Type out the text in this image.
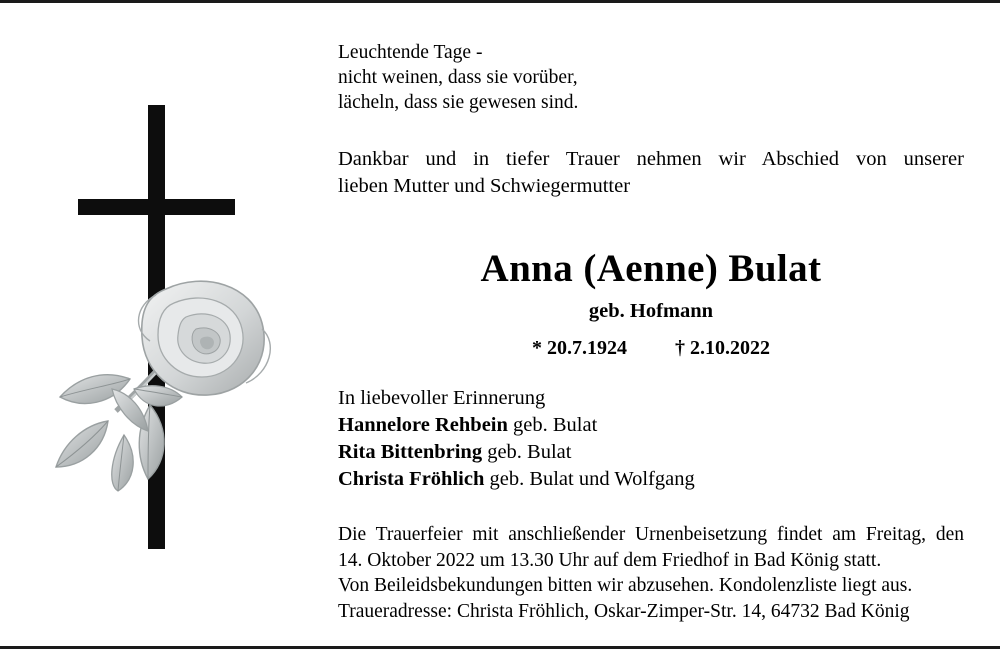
Leuchtende Tage -
nicht weinen, dass sie vorüber,
lächeln, dass sie gewesen sind.
Dankbar und in tiefer Trauer nehmen wir Abschied von unserer
lieben Mutter und Schwiegermutter
Anna (Aenne) Bulat
geb. Hofmann
* 20.7.1924 † 2.10.2022
In liebevoller Erinnerung
Hannelore Rehbein geb. Bulat
Rita Bittenbring geb. Bulat
Christa Fröhlich geb. Bulat und Wolfgang
Die Trauerfeier mit anschließender Urnenbeisetzung findet am Freitag, den
14. Oktober 2022 um 13.30 Uhr auf dem Friedhof in Bad König statt.
Von Beileidsbekundungen bitten wir abzusehen. Kondolenzliste liegt aus.
Traueradresse: Christa Fröhlich, Oskar-Zimper-Str. 14, 64732 Bad König
